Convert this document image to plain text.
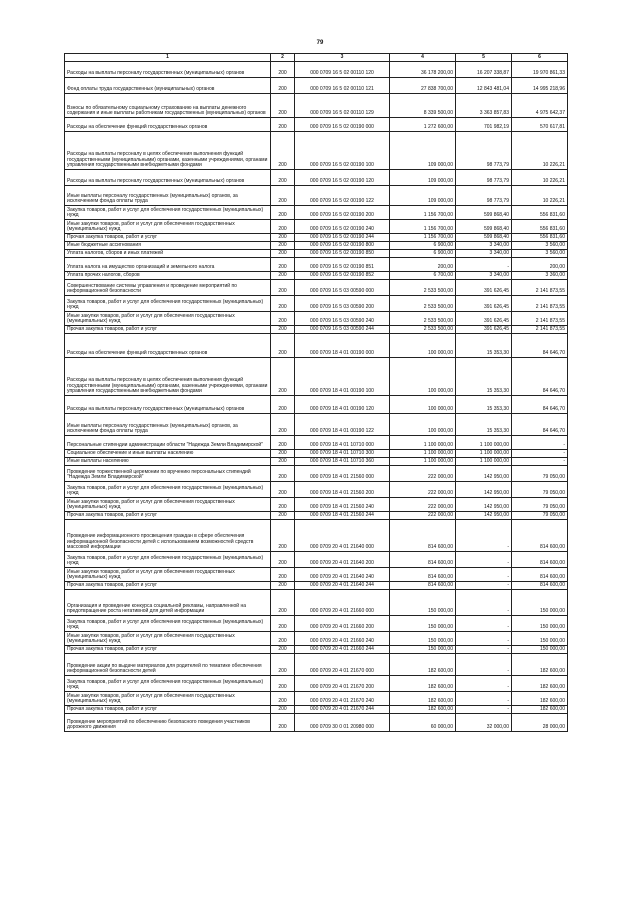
79
1	2	3	4	5	6
Расходы на выплаты персоналу государственных (муниципальных) органов	200	000 0709 16 5 02 00110 120	36 178 200,00	16 207 338,87	19 970 861,33
Фонд оплаты труда государственных (муниципальных) органов	200	000 0709 16 5 02 00110 121	27 838 700,00	12 843 481,04	14 995 218,96
Взносы по обязательному социальному страхованию на выплаты денежного содержания и иные выплаты работникам государственных (муниципальных) органов	200	000 0709 16 5 02 00110 129	8 339 500,00	3 363 857,83	4 975 642,37
Расходы на обеспечение функций государственных органов	200	000 0709 16 5 02 00190 000	1 272 600,00	701 982,19	570 617,81
Расходы на выплаты персоналу в целях обеспечения выполнения функций государственными (муниципальными) органами, казенными учреждениями, органами управления государственными внебюджетными фондами	200	000 0709 16 5 02 00190 100	109 000,00	98 773,79	10 226,21
Расходы на выплаты персоналу государственных (муниципальных) органов	200	000 0709 16 5 02 00190 120	109 000,00	98 773,79	10 226,21
Иные выплаты персоналу государственных (муниципальных) органов, за исключением фонда оплаты труда	200	000 0709 16 5 02 00190 122	109 000,00	98 773,79	10 226,21
Закупка товаров, работ и услуг для обеспечения государственных (муниципальных) нужд	200	000 0709 16 5 02 00190 200	1 156 700,00	599 868,40	556 831,60
Иные закупки товаров, работ и услуг для обеспечения государственных (муниципальных) нужд	200	000 0709 16 5 02 00190 240	1 156 700,00	599 868,40	556 831,60
Прочая закупка товаров, работ и услуг	200	000 0709 16 5 02 00190 244	1 156 700,00	599 868,40	556 831,60
Иные бюджетные ассигнования	200	000 0709 16 5 02 00190 800	6 900,00	3 340,00	3 560,00
Уплата налогов, сборов и иных платежей	200	000 0709 16 5 02 00190 850	6 900,00	3 340,00	3 560,00
Уплата налога на имущество организаций и земельного налога	200	000 0709 16 5 02 00190 851	200,00	-	200,00
Уплата прочих налогов, сборов	200	000 0709 16 5 02 00190 852	6 700,00	3 340,00	3 360,00
Совершенствование системы управления и проведение мероприятий по информационной безопасности	200	000 0709 16 5 03 00590 000	2 533 500,00	391 626,45	2 141 873,55
Закупка товаров, работ и услуг для обеспечения государственных (муниципальных) нужд	200	000 0709 16 5 03 00590 200	2 533 500,00	391 626,45	2 141 873,55
Иные закупки товаров, работ и услуг для обеспечения государственных (муниципальных) нужд	200	000 0709 16 5 03 00590 240	2 533 500,00	391 626,45	2 141 873,55
Прочая закупка товаров, работ и услуг	200	000 0709 16 5 03 00590 244	2 533 500,00	391 626,45	2 141 873,55
Расходы на обеспечение функций государственных органов	200	000 0709 18 4 01 00190 000	100 000,00	15 353,30	84 646,70
Расходы на выплаты персоналу в целях обеспечения выполнения функций государственными (муниципальными) органами, казенными учреждениями, органами управления государственными внебюджетными фондами	200	000 0709 18 4 01 00190 100	100 000,00	15 353,30	84 646,70
Расходы на выплаты персоналу государственных (муниципальных) органов	200	000 0709 18 4 01 00190 120	100 000,00	15 353,30	84 646,70
Иные выплаты персоналу государственных (муниципальных) органов, за исключением фонда оплаты труда	200	000 0709 18 4 01 00190 122	100 000,00	15 353,30	84 646,70
Персональные стипендии администрации области "Надежда Земли Владимирской"	200	000 0709 18 4 01 10710 000	1 100 000,00	1 100 000,00	-
Социальное обеспечение и иные выплаты населению	200	000 0709 18 4 01 10710 300	1 100 000,00	1 100 000,00	-
Иные выплаты населению	200	000 0709 18 4 01 10710 360	1 100 000,00	1 100 000,00	-
Проведение торжественной церемонии по вручению персональных стипендий "Надежда Земли Владимирской"	200	000 0709 18 4 01 21560 000	222 000,00	142 950,00	79 050,00
Закупка товаров, работ и услуг для обеспечения государственных (муниципальных) нужд	200	000 0709 18 4 01 21560 200	222 000,00	142 950,00	79 050,00
Иные закупки товаров, работ и услуг для обеспечения государственных (муниципальных) нужд	200	000 0709 18 4 01 21560 240	222 000,00	142 950,00	79 050,00
Прочая закупка товаров, работ и услуг	200	000 0709 18 4 01 21560 244	222 000,00	142 950,00	79 050,00
Проведение информационного просвещения граждан в сфере обеспечения информационной безопасности детей с использованием возможностей средств массовой информации	200	000 0709 20 4 01 21640 000	814 600,00	-	814 600,00
Закупка товаров, работ и услуг для обеспечения государственных (муниципальных) нужд	200	000 0709 20 4 01 21640 200	814 600,00	-	814 600,00
Иные закупки товаров, работ и услуг для обеспечения государственных (муниципальных) нужд	200	000 0709 20 4 01 21640 240	814 600,00	-	814 600,00
Прочая закупка товаров, работ и услуг	200	000 0709 20 4 01 21640 244	814 600,00	-	814 600,00
Организация и проведение конкурса социальной рекламы, направленной на предотвращение роста негативной для детей информации	200	000 0709 20 4 01 21660 000	150 000,00	-	150 000,00
Закупка товаров, работ и услуг для обеспечения государственных (муниципальных) нужд	200	000 0709 20 4 01 21660 200	150 000,00	-	150 000,00
Иные закупки товаров, работ и услуг для обеспечения государственных (муниципальных) нужд	200	000 0709 20 4 01 21660 240	150 000,00	-	150 000,00
Прочая закупка товаров, работ и услуг	200	000 0709 20 4 01 21660 244	150 000,00	-	150 000,00
Проведение акции по выдаче материалов для родителей по тематике обеспечения информационной безопасности детей	200	000 0709 20 4 01 21670 000	182 600,00	-	182 600,00
Закупка товаров, работ и услуг для обеспечения государственных (муниципальных) нужд	200	000 0709 20 4 01 21670 200	182 600,00	-	182 600,00
Иные закупки товаров, работ и услуг для обеспечения государственных (муниципальных) нужд	200	000 0709 20 4 01 21670 240	182 600,00	-	182 600,00
Прочая закупка товаров, работ и услуг	200	000 0709 20 4 01 21670 244	182 600,00	-	182 600,00
Проведение мероприятий по обеспечению безопасного поведения участников дорожного движения	200	000 0709 30 0 01 20980 000	60 000,00	32 000,00	28 000,00
